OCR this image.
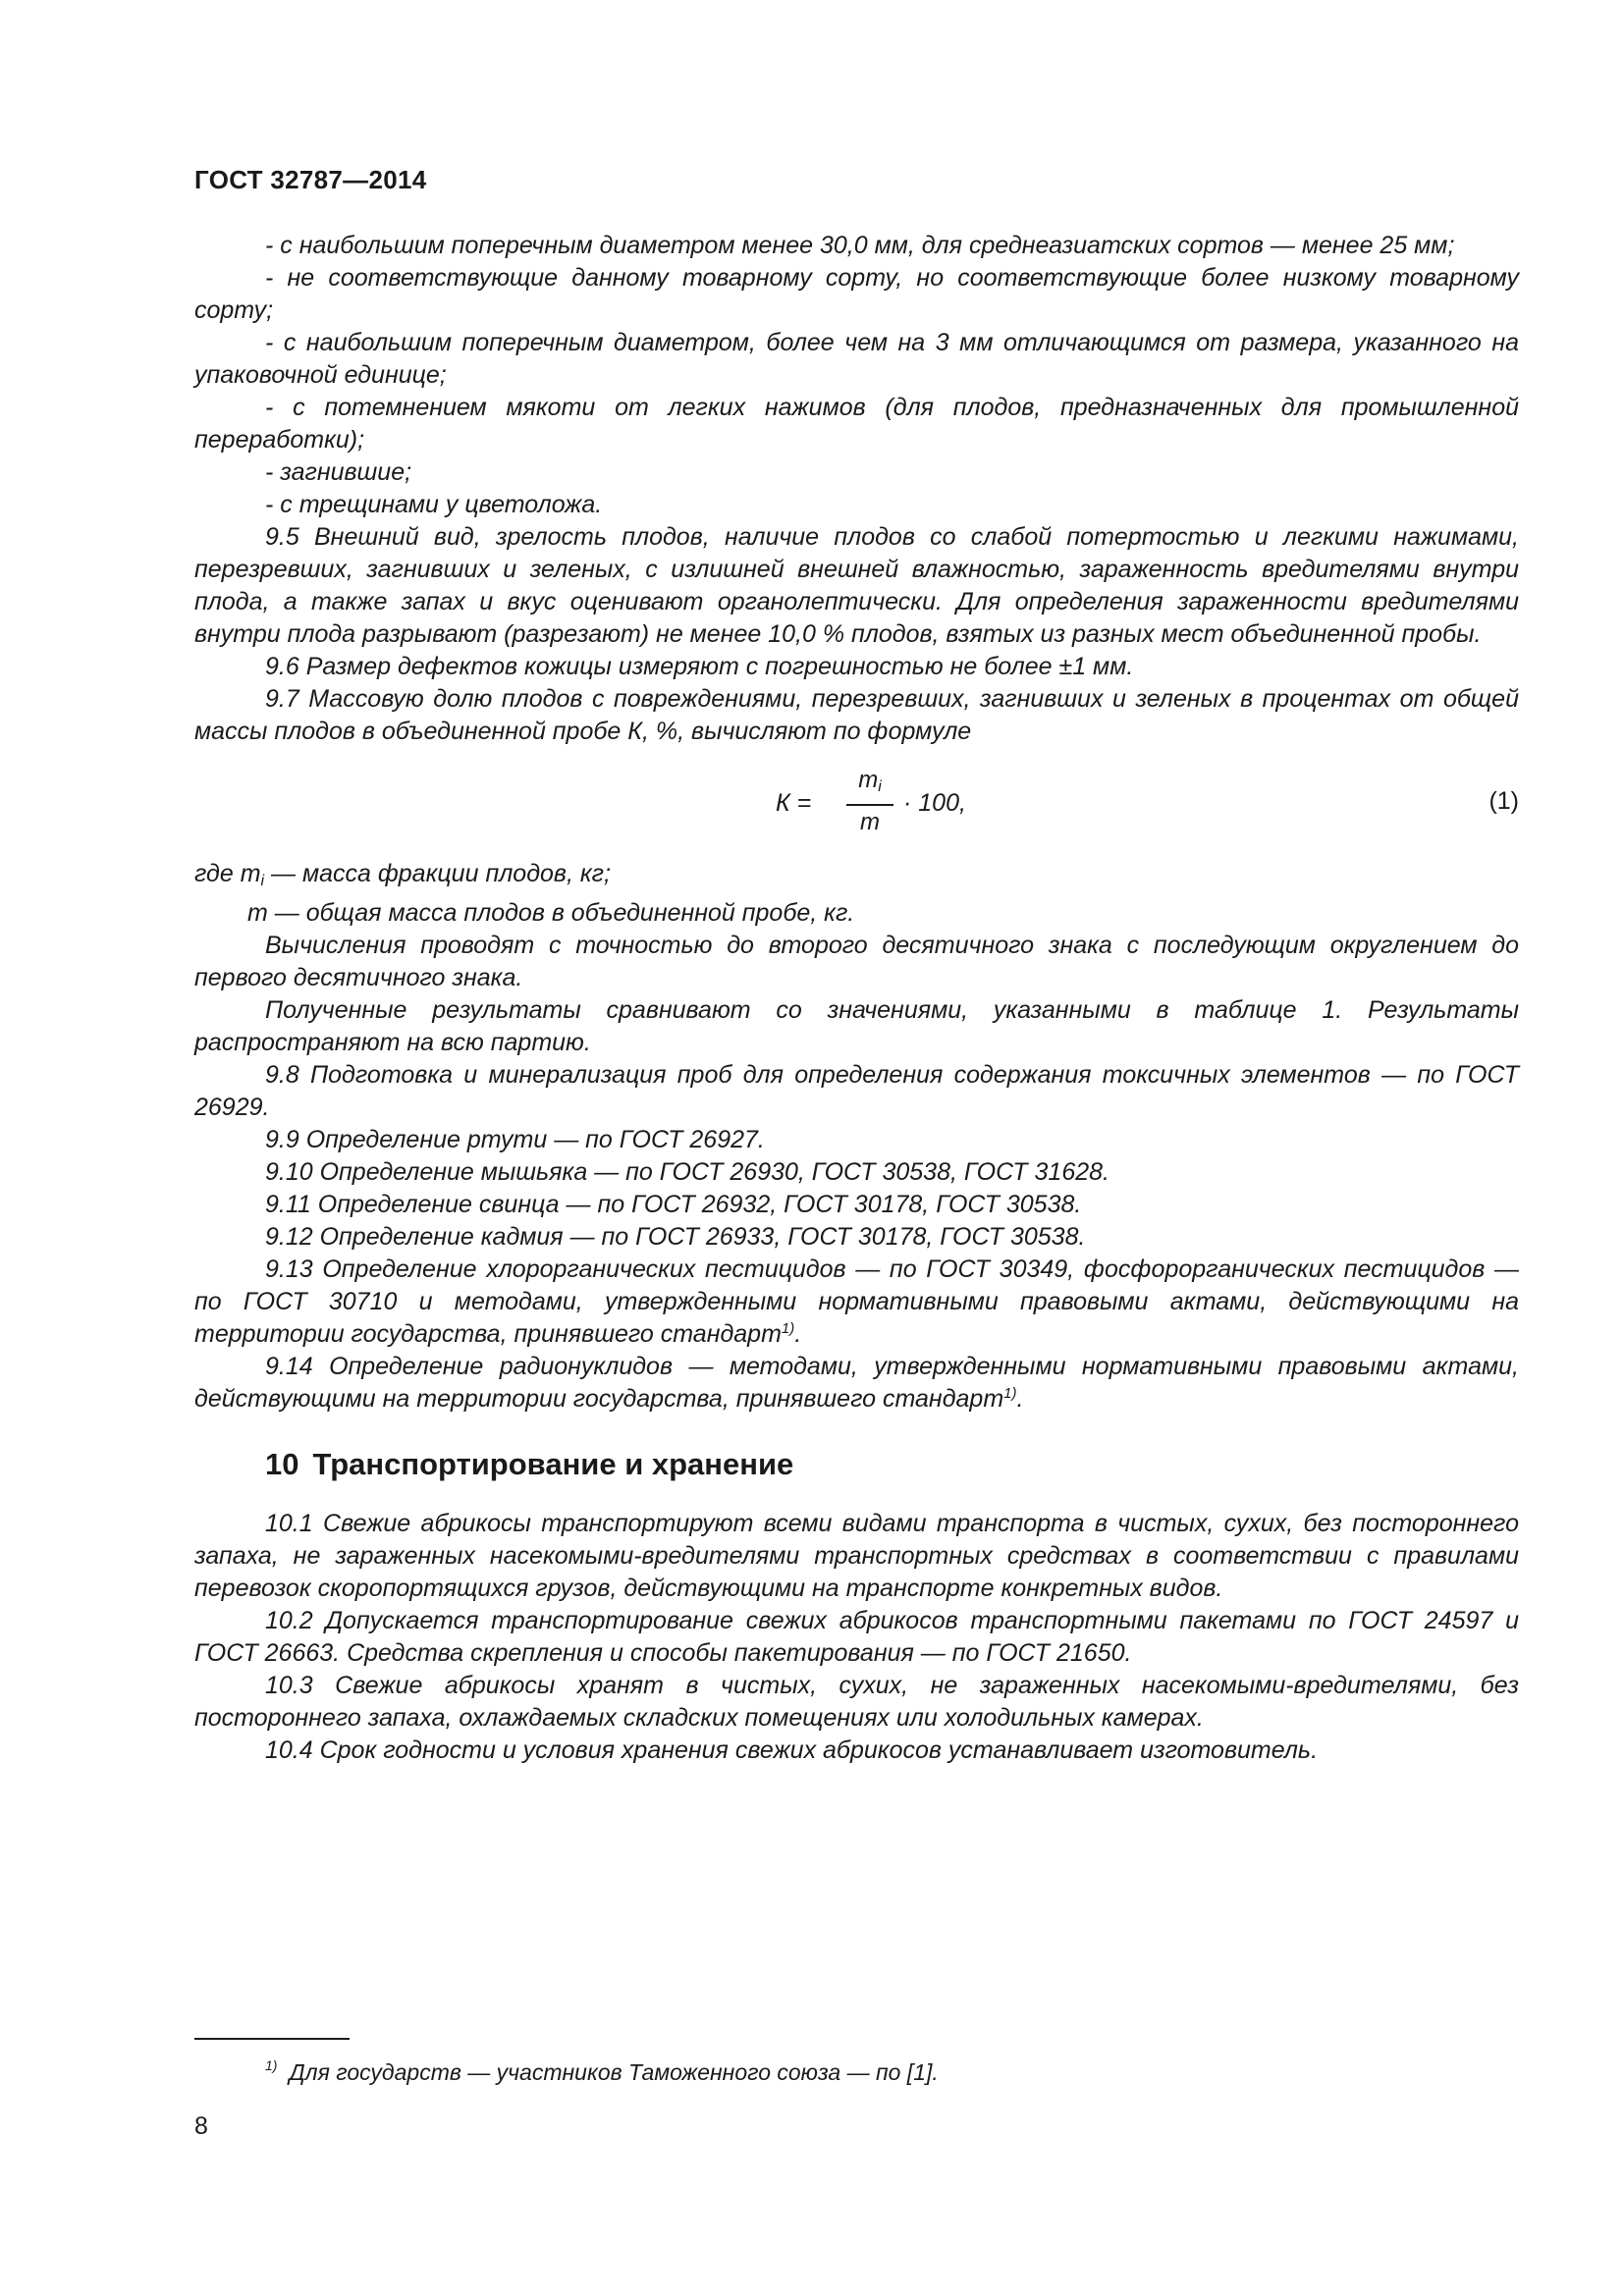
ГОСТ 32787—2014

- с наибольшим поперечным диаметром менее 30,0 мм, для среднеазиатских сортов — менее 25 мм;

- не соответствующие данному товарному сорту, но соответствующие более низкому товарному сорту;

- с наибольшим поперечным диаметром, более чем на 3 мм отличающимся от размера, указанного на упаковочной единице;

- с потемнением мякоти от легких нажимов (для плодов, предназначенных для промышленной переработки);

- загнившие;

- с трещинами у цветоложа.

9.5 Внешний вид, зрелость плодов, наличие плодов со слабой потертостью и легкими нажимами, перезревших, загнивших и зеленых, с излишней внешней влажностью, зараженность вредителями внутри плода, а также запах и вкус оценивают органолептически. Для определения зараженности вредителями внутри плода разрывают (разрезают) не менее 10,0 % плодов, взятых из разных мест объединенной пробы.

9.6 Размер дефектов кожицы измеряют с погрешностью не более ±1 мм.

9.7 Массовую долю плодов с повреждениями, перезревших, загнивших и зеленых в процентах от общей массы плодов в объединенной пробе К, %, вычисляют по формуле

К =
$m_i$
m
· 100,	(1)

где $m_i$ — масса фракции плодов, кг;

m — общая масса плодов в объединенной пробе, кг.

Вычисления проводят с точностью до второго десятичного знака с последующим округлением до первого десятичного знака.

Полученные результаты сравнивают со значениями, указанными в таблице 1. Результаты распространяют на всю партию.

9.8 Подготовка и минерализация проб для определения содержания токсичных элементов — по ГОСТ 26929.

9.9 Определение ртути — по ГОСТ 26927.

9.10 Определение мышьяка — по ГОСТ 26930, ГОСТ 30538, ГОСТ 31628.

9.11 Определение свинца — по ГОСТ 26932, ГОСТ 30178, ГОСТ 30538.

9.12 Определение кадмия — по ГОСТ 26933, ГОСТ 30178, ГОСТ 30538.

9.13 Определение хлорорганических пестицидов — по ГОСТ 30349, фосфорорганических пестицидов — по ГОСТ 30710 и методами, утвержденными нормативными правовыми актами, действующими на территории государства, принявшего стандарт$^{1)}$.

9.14 Определение радионуклидов — методами, утвержденными нормативными правовыми актами, действующими на территории государства, принявшего стандарт$^{1)}$.

10 Транспортирование и хранение

10.1 Свежие абрикосы транспортируют всеми видами транспорта в чистых, сухих, без постороннего запаха, не зараженных насекомыми-вредителями транспортных средствах в соответствии с правилами перевозок скоропортящихся грузов, действующими на транспорте конкретных видов.

10.2 Допускается транспортирование свежих абрикосов транспортными пакетами по ГОСТ 24597 и ГОСТ 26663. Средства скрепления и способы пакетирования — по ГОСТ 21650.

10.3 Свежие абрикосы хранят в чистых, сухих, не зараженных насекомыми-вредителями, без постороннего запаха, охлаждаемых складских помещениях или холодильных камерах.

10.4 Срок годности и условия хранения свежих абрикосов устанавливает изготовитель.

$^{1)}$ Для государств — участников Таможенного союза — по [1].
8
